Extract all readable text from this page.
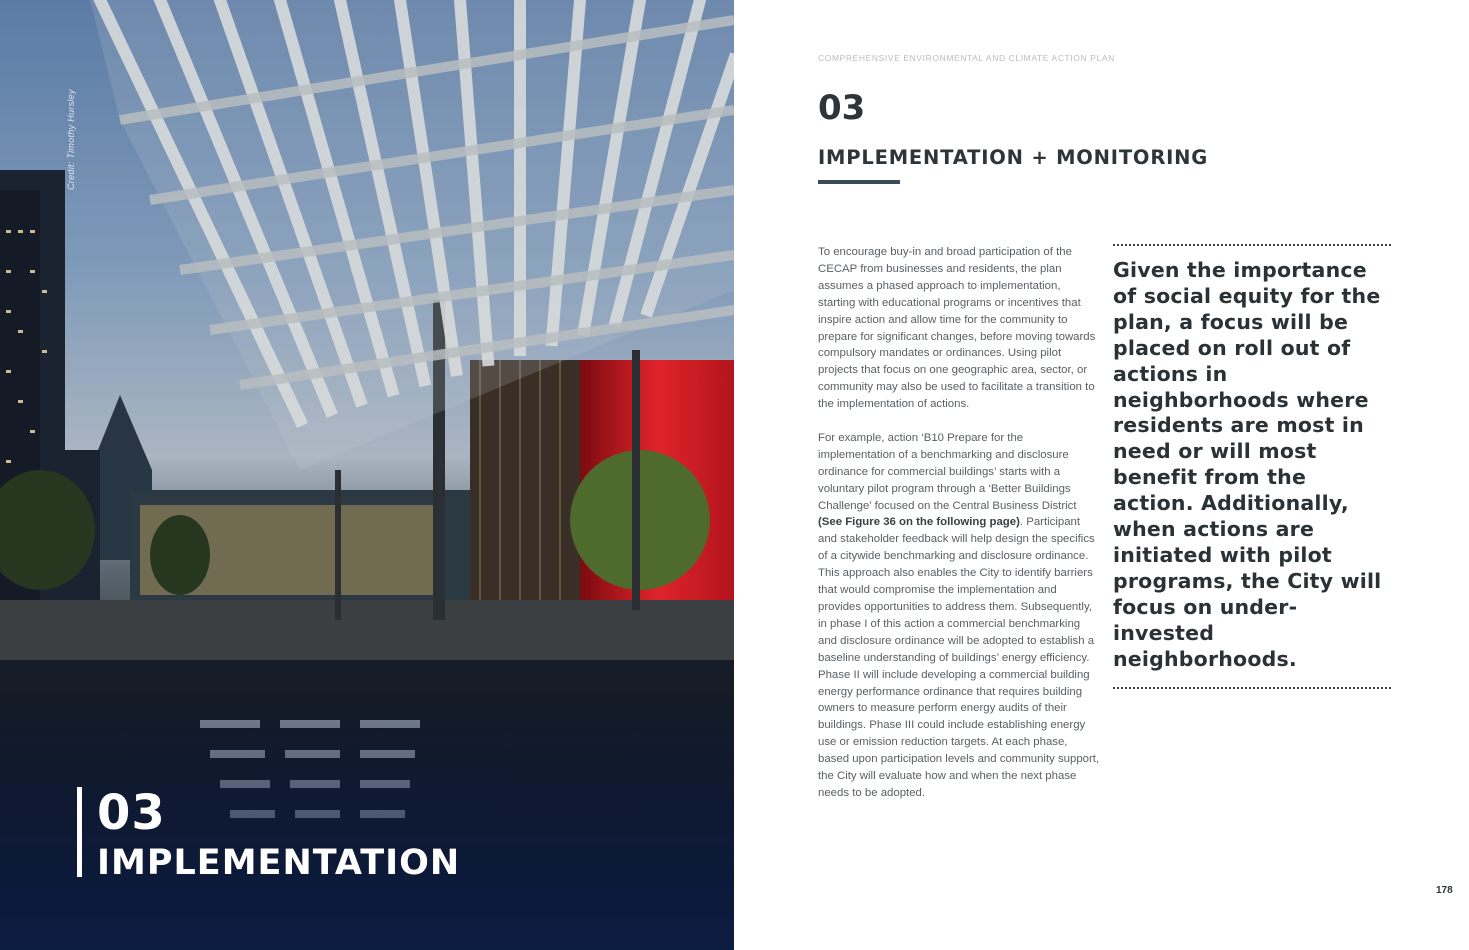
Credit: Timothy Hursley
03
IMPLEMENTATION
COMPREHENSIVE ENVIRONMENTAL AND CLIMATE ACTION PLAN
03
IMPLEMENTATION + MONITORING

To encourage buy-in and broad participation of the CECAP from businesses and residents, the plan assumes a phased approach to implementation, starting with educational programs or incentives that inspire action and allow time for the community to prepare for significant changes, before moving towards compulsory mandates or ordinances. Using pilot projects that focus on one geographic area, sector, or community may also be used to facilitate a transition to the implementation of actions.

For example, action ‘B10 Prepare for the implementation of a benchmarking and disclosure ordinance for commercial buildings’ starts with a voluntary pilot program through a ‘Better Buildings Challenge’ focused on the Central Business District (See Figure 36 on the following page). Participant and stakeholder feedback will help design the specifics of a citywide benchmarking and disclosure ordinance. This approach also enables the City to identify barriers that would compromise the implementation and provides opportunities to address them. Subsequently, in phase I of this action a commercial benchmarking and disclosure ordinance will be adopted to establish a baseline understanding of buildings’ energy efficiency. Phase II will include developing a commercial building energy performance ordinance that requires building owners to measure perform energy audits of their buildings. Phase III could include establishing energy use or emission reduction targets. At each phase, based upon participation levels and community support, the City will evaluate how and when the next phase needs to be adopted.

Given the importance of social equity for the plan, a focus will be placed on roll out of actions in neighborhoods where residents are most in need or will most benefit from the action. Additionally, when actions are initiated with pilot programs, the City will focus on under-invested neighborhoods.
178
